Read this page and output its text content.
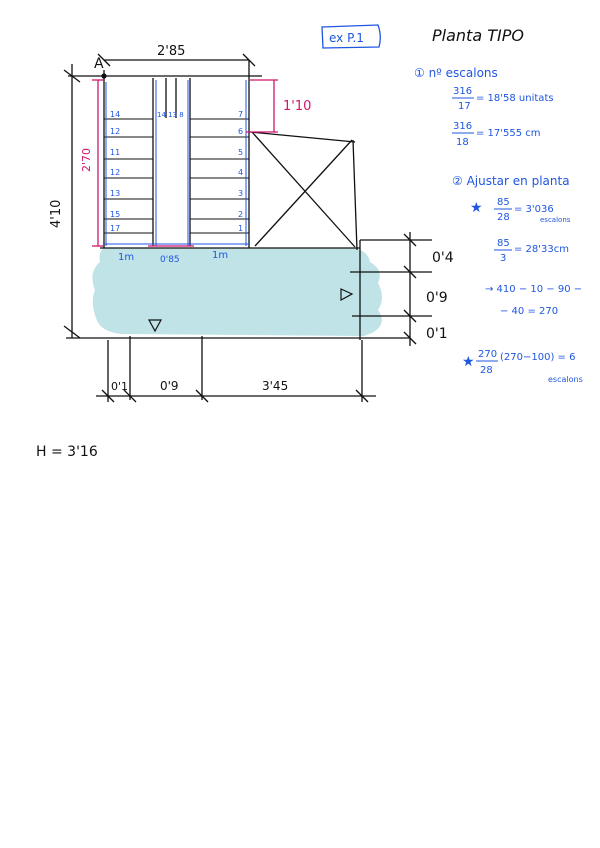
ex P.1	Planta TIPO
A
2'85
4'10
0'4
0'9
0'1
0'1	0'9	3'45
2'70
1'10
14
12
11
12
13
15
17
7
6
5
4
3
2
1
14 13 8
1m	0'85	1m
① nº escalons
316
17
= 18'58 unitats
316
18
= 17'555 cm
② Ajustar en planta
★ 85
28
= 3'036
escalons
85
3
= 28'33cm
→ 410 − 10 − 90 −
− 40 = 270
★ 270
28
(270−100) = 6
escalons
H = 3'16
